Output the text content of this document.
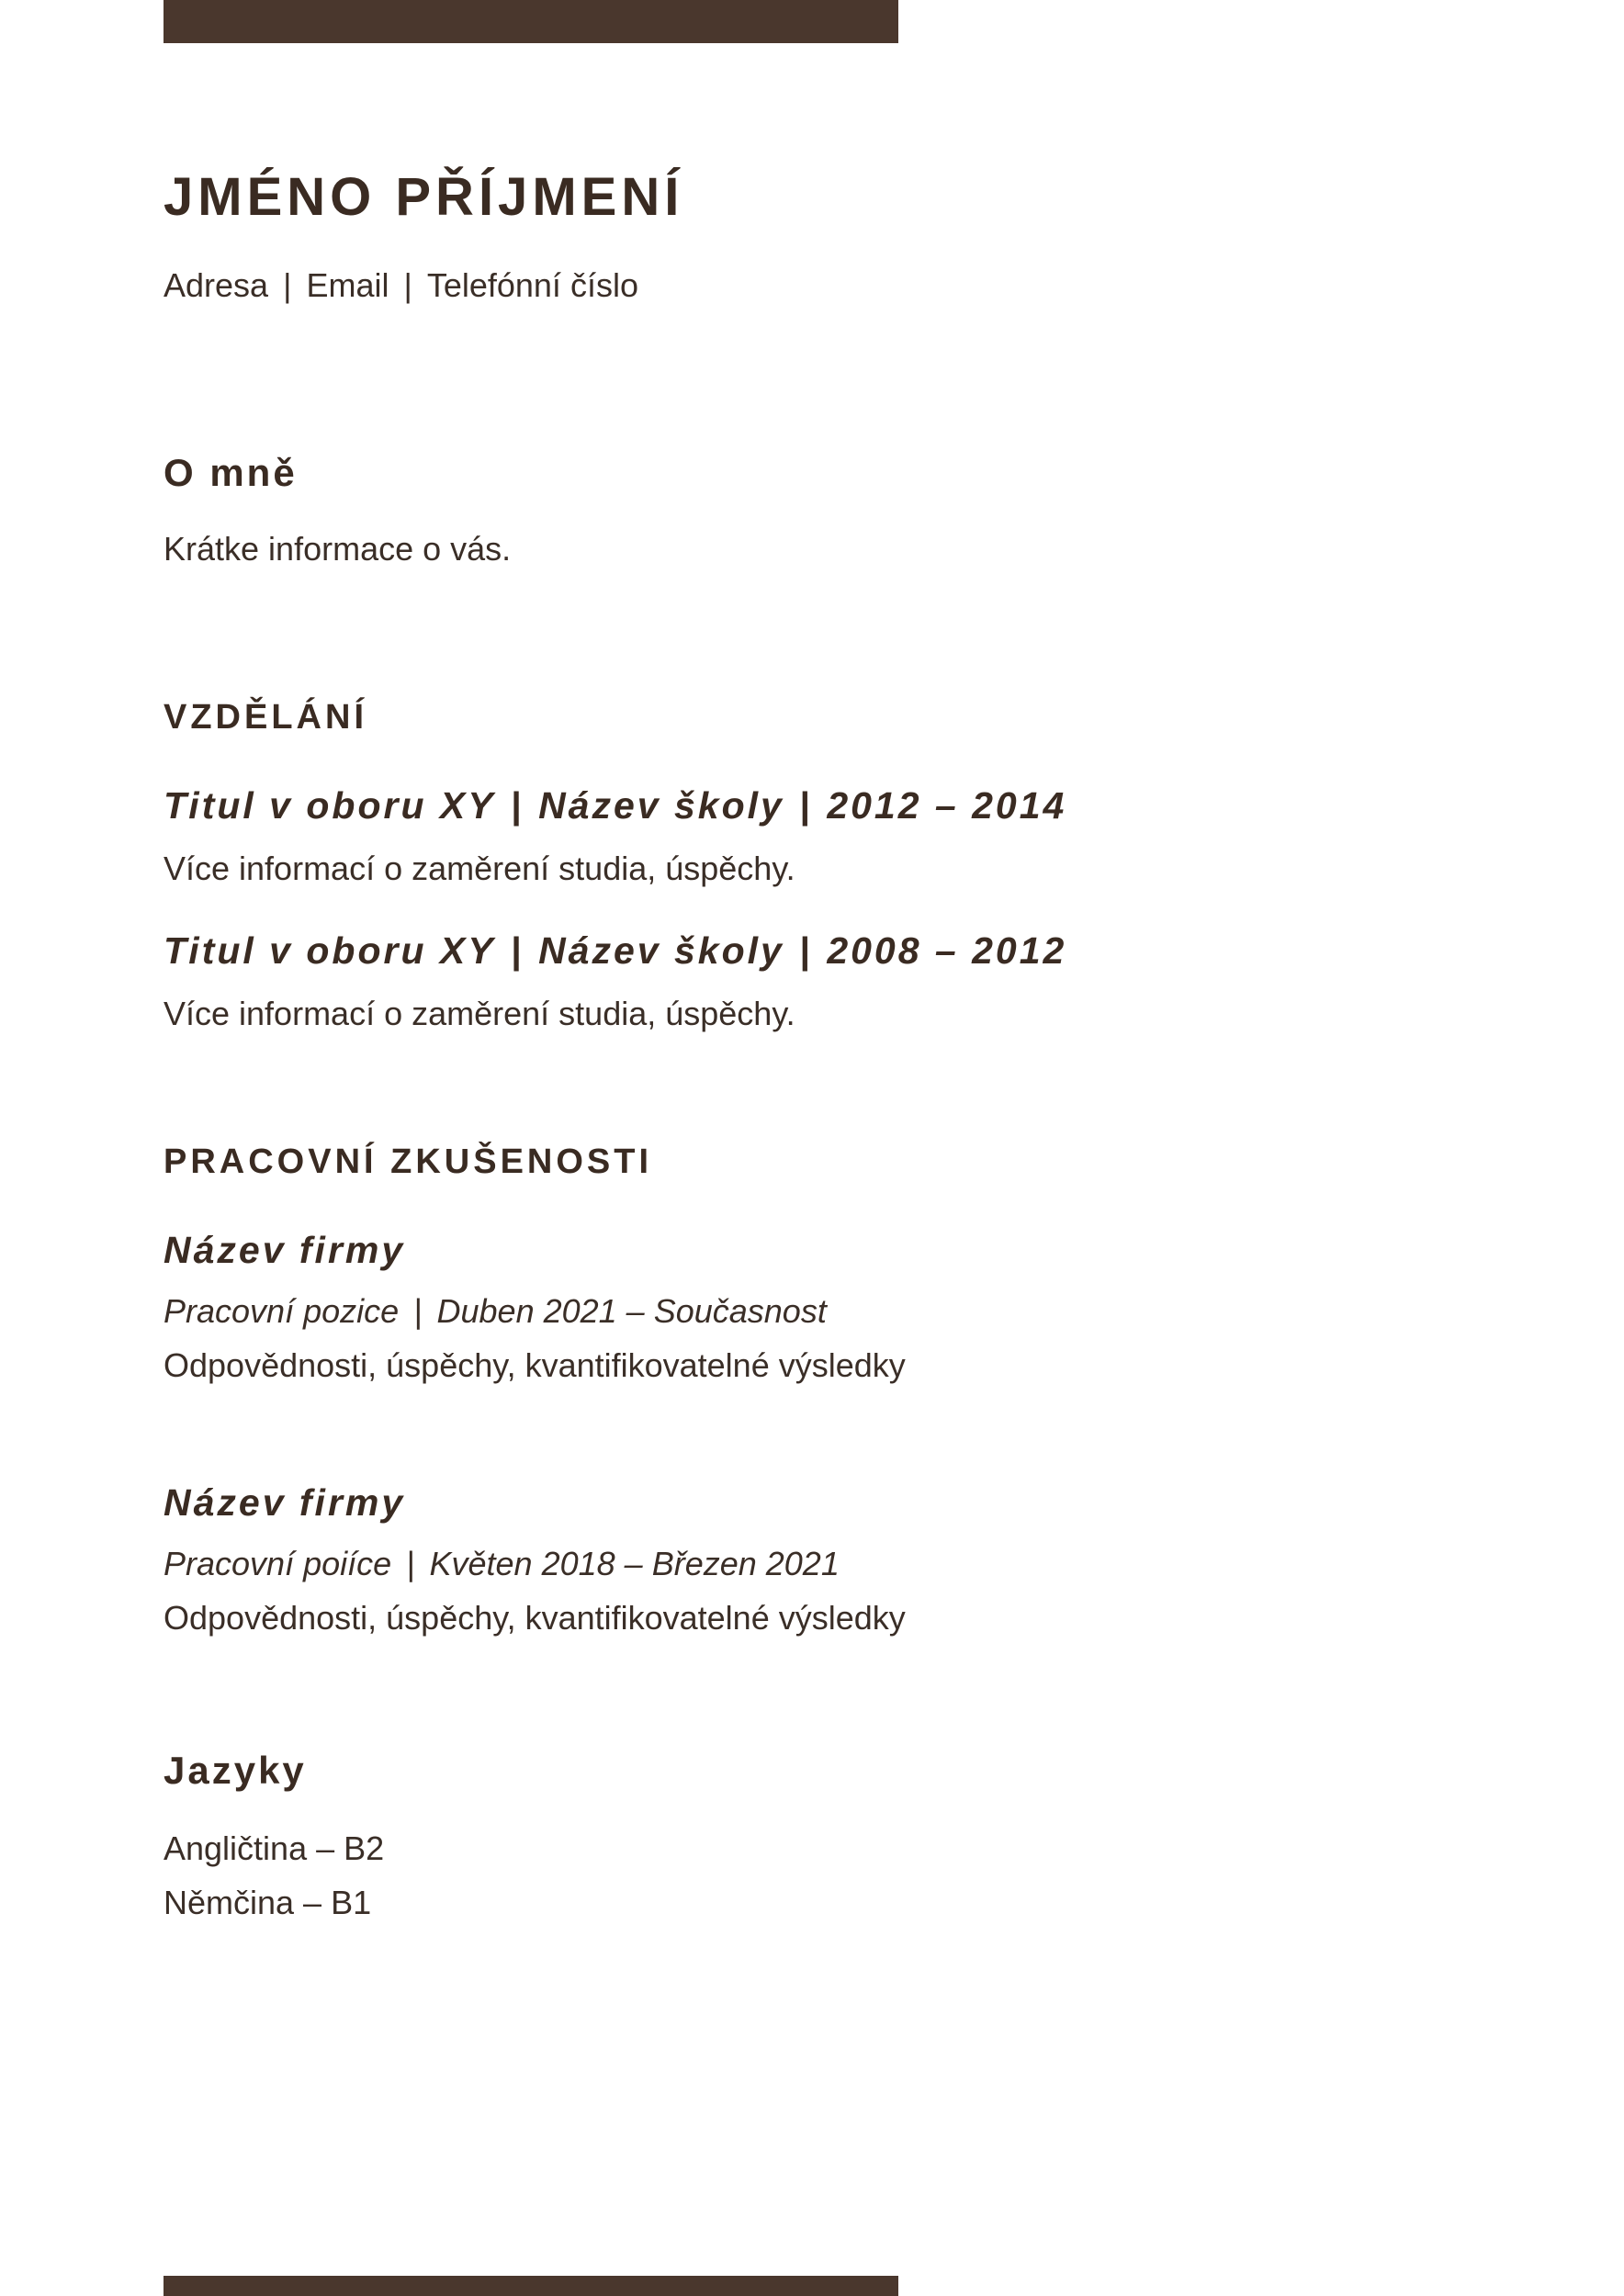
JMÉNO PŘÍJMENÍ
Adresa | Email | Telefónní číslo
O mně
Krátke informace o vás.
VZDĚLÁNÍ
Titul v oboru XY | Název školy | 2012 – 2014
Více informací o zaměrení studia, úspěchy.
Titul v oboru XY | Název školy | 2008 – 2012
Více informací o zaměrení studia, úspěchy.
PRACOVNÍ ZKUŠENOSTI
Název firmy
Pracovní pozice | Duben 2021 – Současnost
Odpovědnosti, úspěchy, kvantifikovatelné výsledky
Název firmy
Pracovní poiíce | Květen 2018 – Březen 2021
Odpovědnosti, úspěchy, kvantifikovatelné výsledky
Jazyky
Angličtina – B2
Němčina – B1
